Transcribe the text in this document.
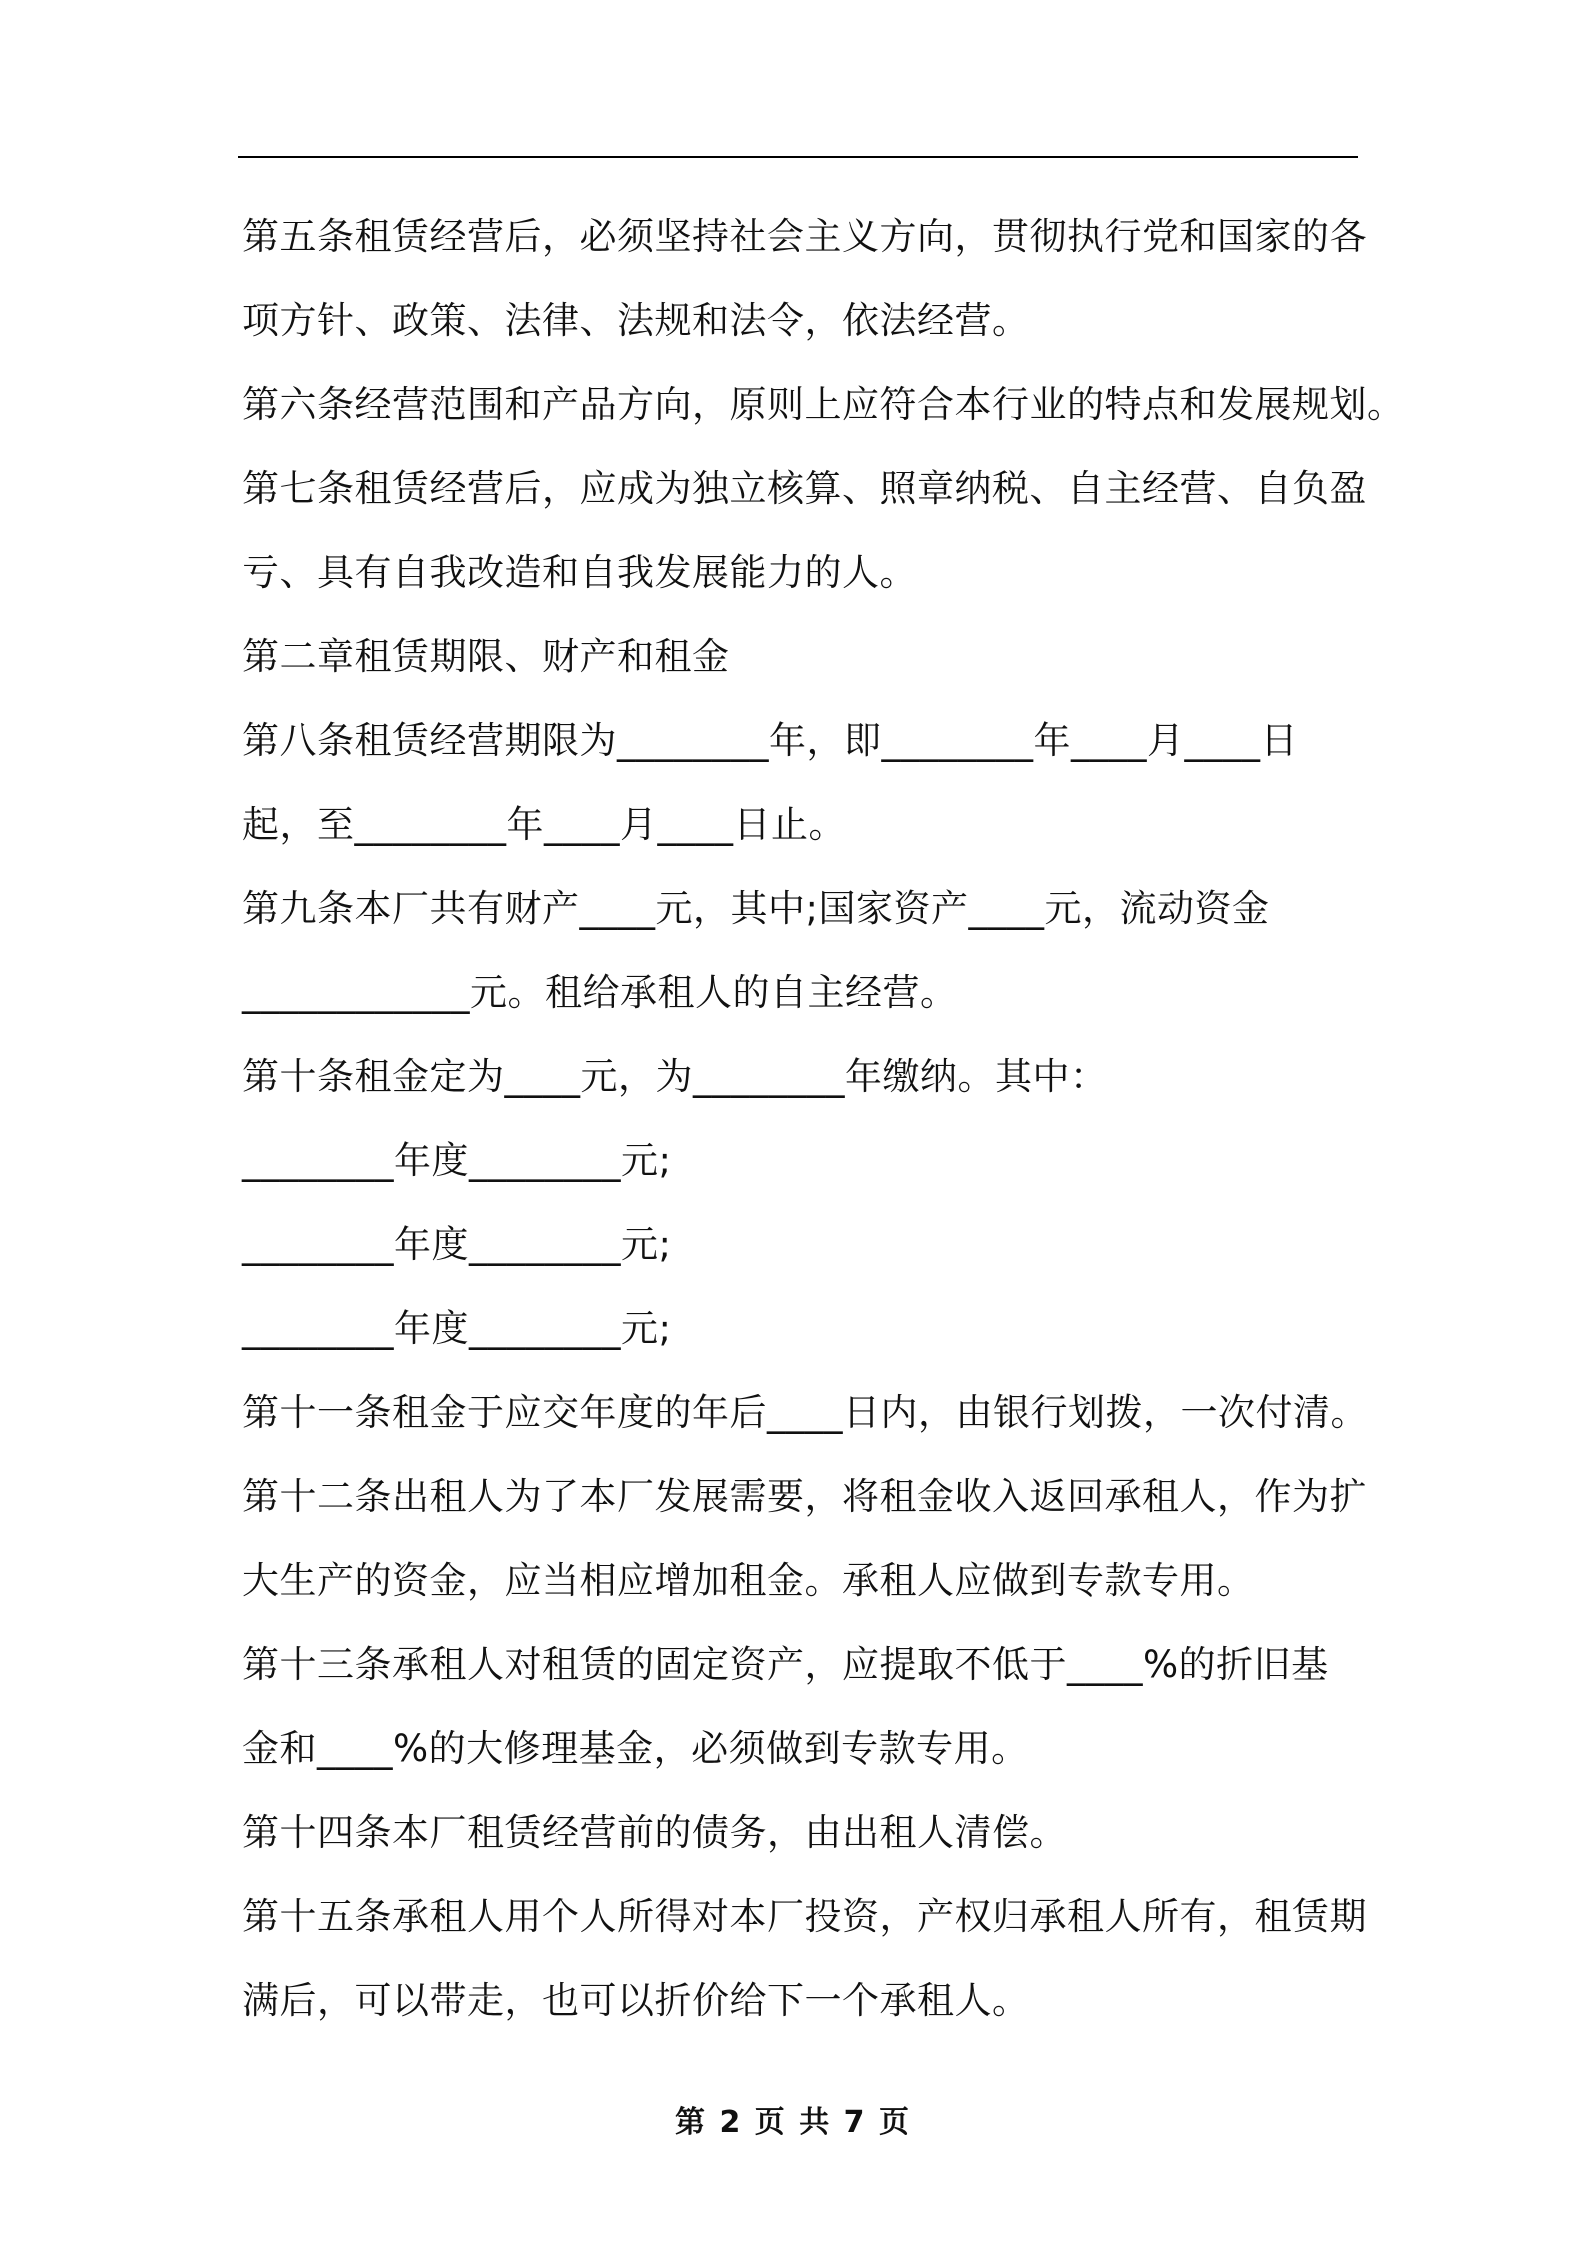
第五条租赁经营后，必须坚持社会主义方向，贯彻执行党和国家的各
项方针、政策、法律、法规和法令，依法经营。
第六条经营范围和产品方向，原则上应符合本行业的特点和发展规划。
第七条租赁经营后，应成为独立核算、照章纳税、自主经营、自负盈
亏、具有自我改造和自我发展能力的人。
第二章租赁期限、财产和租金
第八条租赁经营期限为________年，即________年____月____日
起，至________年____月____日止。
第九条本厂共有财产____元，其中;国家资产____元，流动资金
____________元。租给承租人的自主经营。
第十条租金定为____元，为________年缴纳。其中：
________年度________元;
________年度________元;
________年度________元;
第十一条租金于应交年度的年后____日内，由银行划拨，一次付清。
第十二条出租人为了本厂发展需要，将租金收入返回承租人，作为扩
大生产的资金，应当相应增加租金。承租人应做到专款专用。
第十三条承租人对租赁的固定资产，应提取不低于____%的折旧基
金和____%的大修理基金，必须做到专款专用。
第十四条本厂租赁经营前的债务，由出租人清偿。
第十五条承租人用个人所得对本厂投资，产权归承租人所有，租赁期
满后，可以带走，也可以折价给下一个承租人。
第 2 页 共 7 页
